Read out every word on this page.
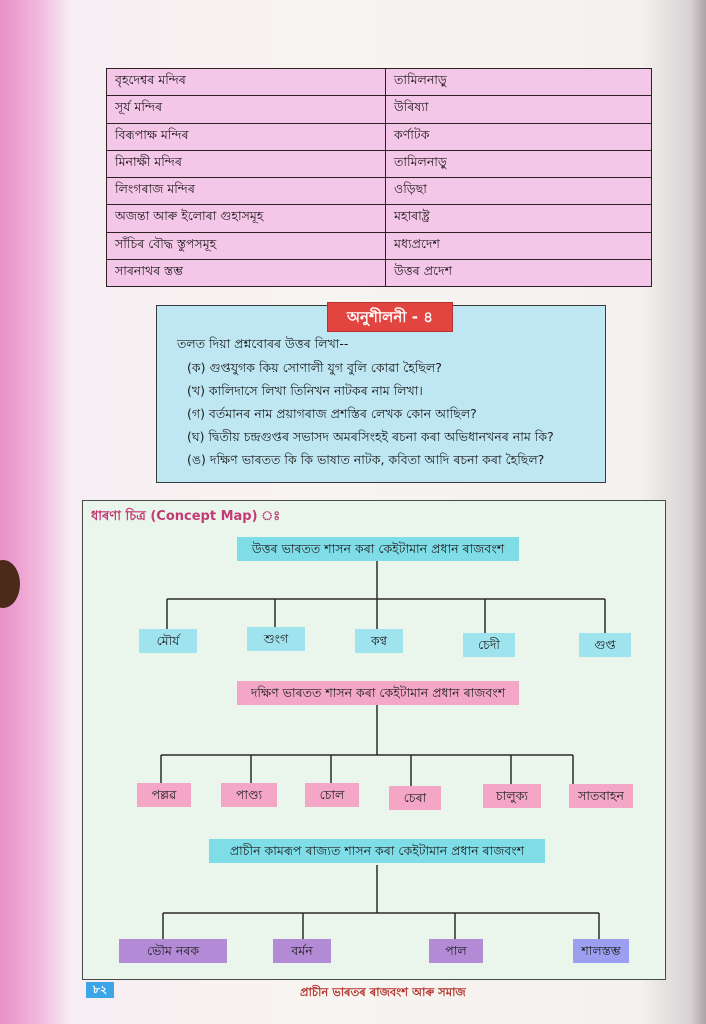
বৃহদেশ্বৰ মন্দিৰ	তামিলনাড়ু
সূৰ্য মন্দিৰ	উৰিষ্যা
বিৰূপাক্ষ মন্দিৰ	কৰ্ণাটক
মিনাক্ষী মন্দিৰ	তামিলনাড়ু
লিংগৰাজ মন্দিৰ	ওড়িছা
অজন্তা আৰু ইলোৰা গুহাসমূহ	মহাৰাষ্ট্ৰ
সাঁচিৰ বৌদ্ধ স্তুপসমূহ	মধ্যপ্ৰদেশ
সাৰনাথৰ স্তম্ভ	উত্তৰ প্ৰদেশ
অনুশীলনী - ৪
তলত দিয়া প্ৰশ্নবোৰৰ উত্তৰ লিখা--
(ক) গুপ্তযুগক কিয় সোণালী যুগ বুলি কোৱা হৈছিল?
(খ) কালিদাসে লিখা তিনিখন নাটকৰ নাম লিখা।
(গ) বৰ্তমানৰ নাম প্ৰয়াগৰাজ প্ৰশস্তিৰ লেখক কোন আছিল?
(ঘ) দ্বিতীয় চন্দ্ৰগুপ্তৰ সভাসদ অমৰসিংহই ৰচনা কৰা অভিধানখনৰ নাম কি?
(ঙ) দক্ষিণ ভাৰতত কি কি ভাষাত নাটক, কবিতা আদি ৰচনা কৰা হৈছিল?
ধাৰণা চিত্ৰ (Concept Map) ঃ
উত্তৰ ভাৰতত শাসন কৰা কেইটামান প্ৰধান ৰাজবংশ
মৌৰ্য	শুংগ	কণ্ব	চেদী	গুপ্ত
দক্ষিণ ভাৰতত শাসন কৰা কেইটামান প্ৰধান ৰাজবংশ
পল্লৱ	পাণ্ড্য	চোল	চেৰা	চালুক্য	সাতবাহন
প্ৰাচীন কামৰূপ ৰাজ্যত শাসন কৰা কেইটামান প্ৰধান ৰাজবংশ
ভৌম নৰক	বৰ্মন	পাল	শালস্তম্ভ
৮২	প্ৰাচীন ভাৰতৰ ৰাজবংশ আৰু সমাজ
